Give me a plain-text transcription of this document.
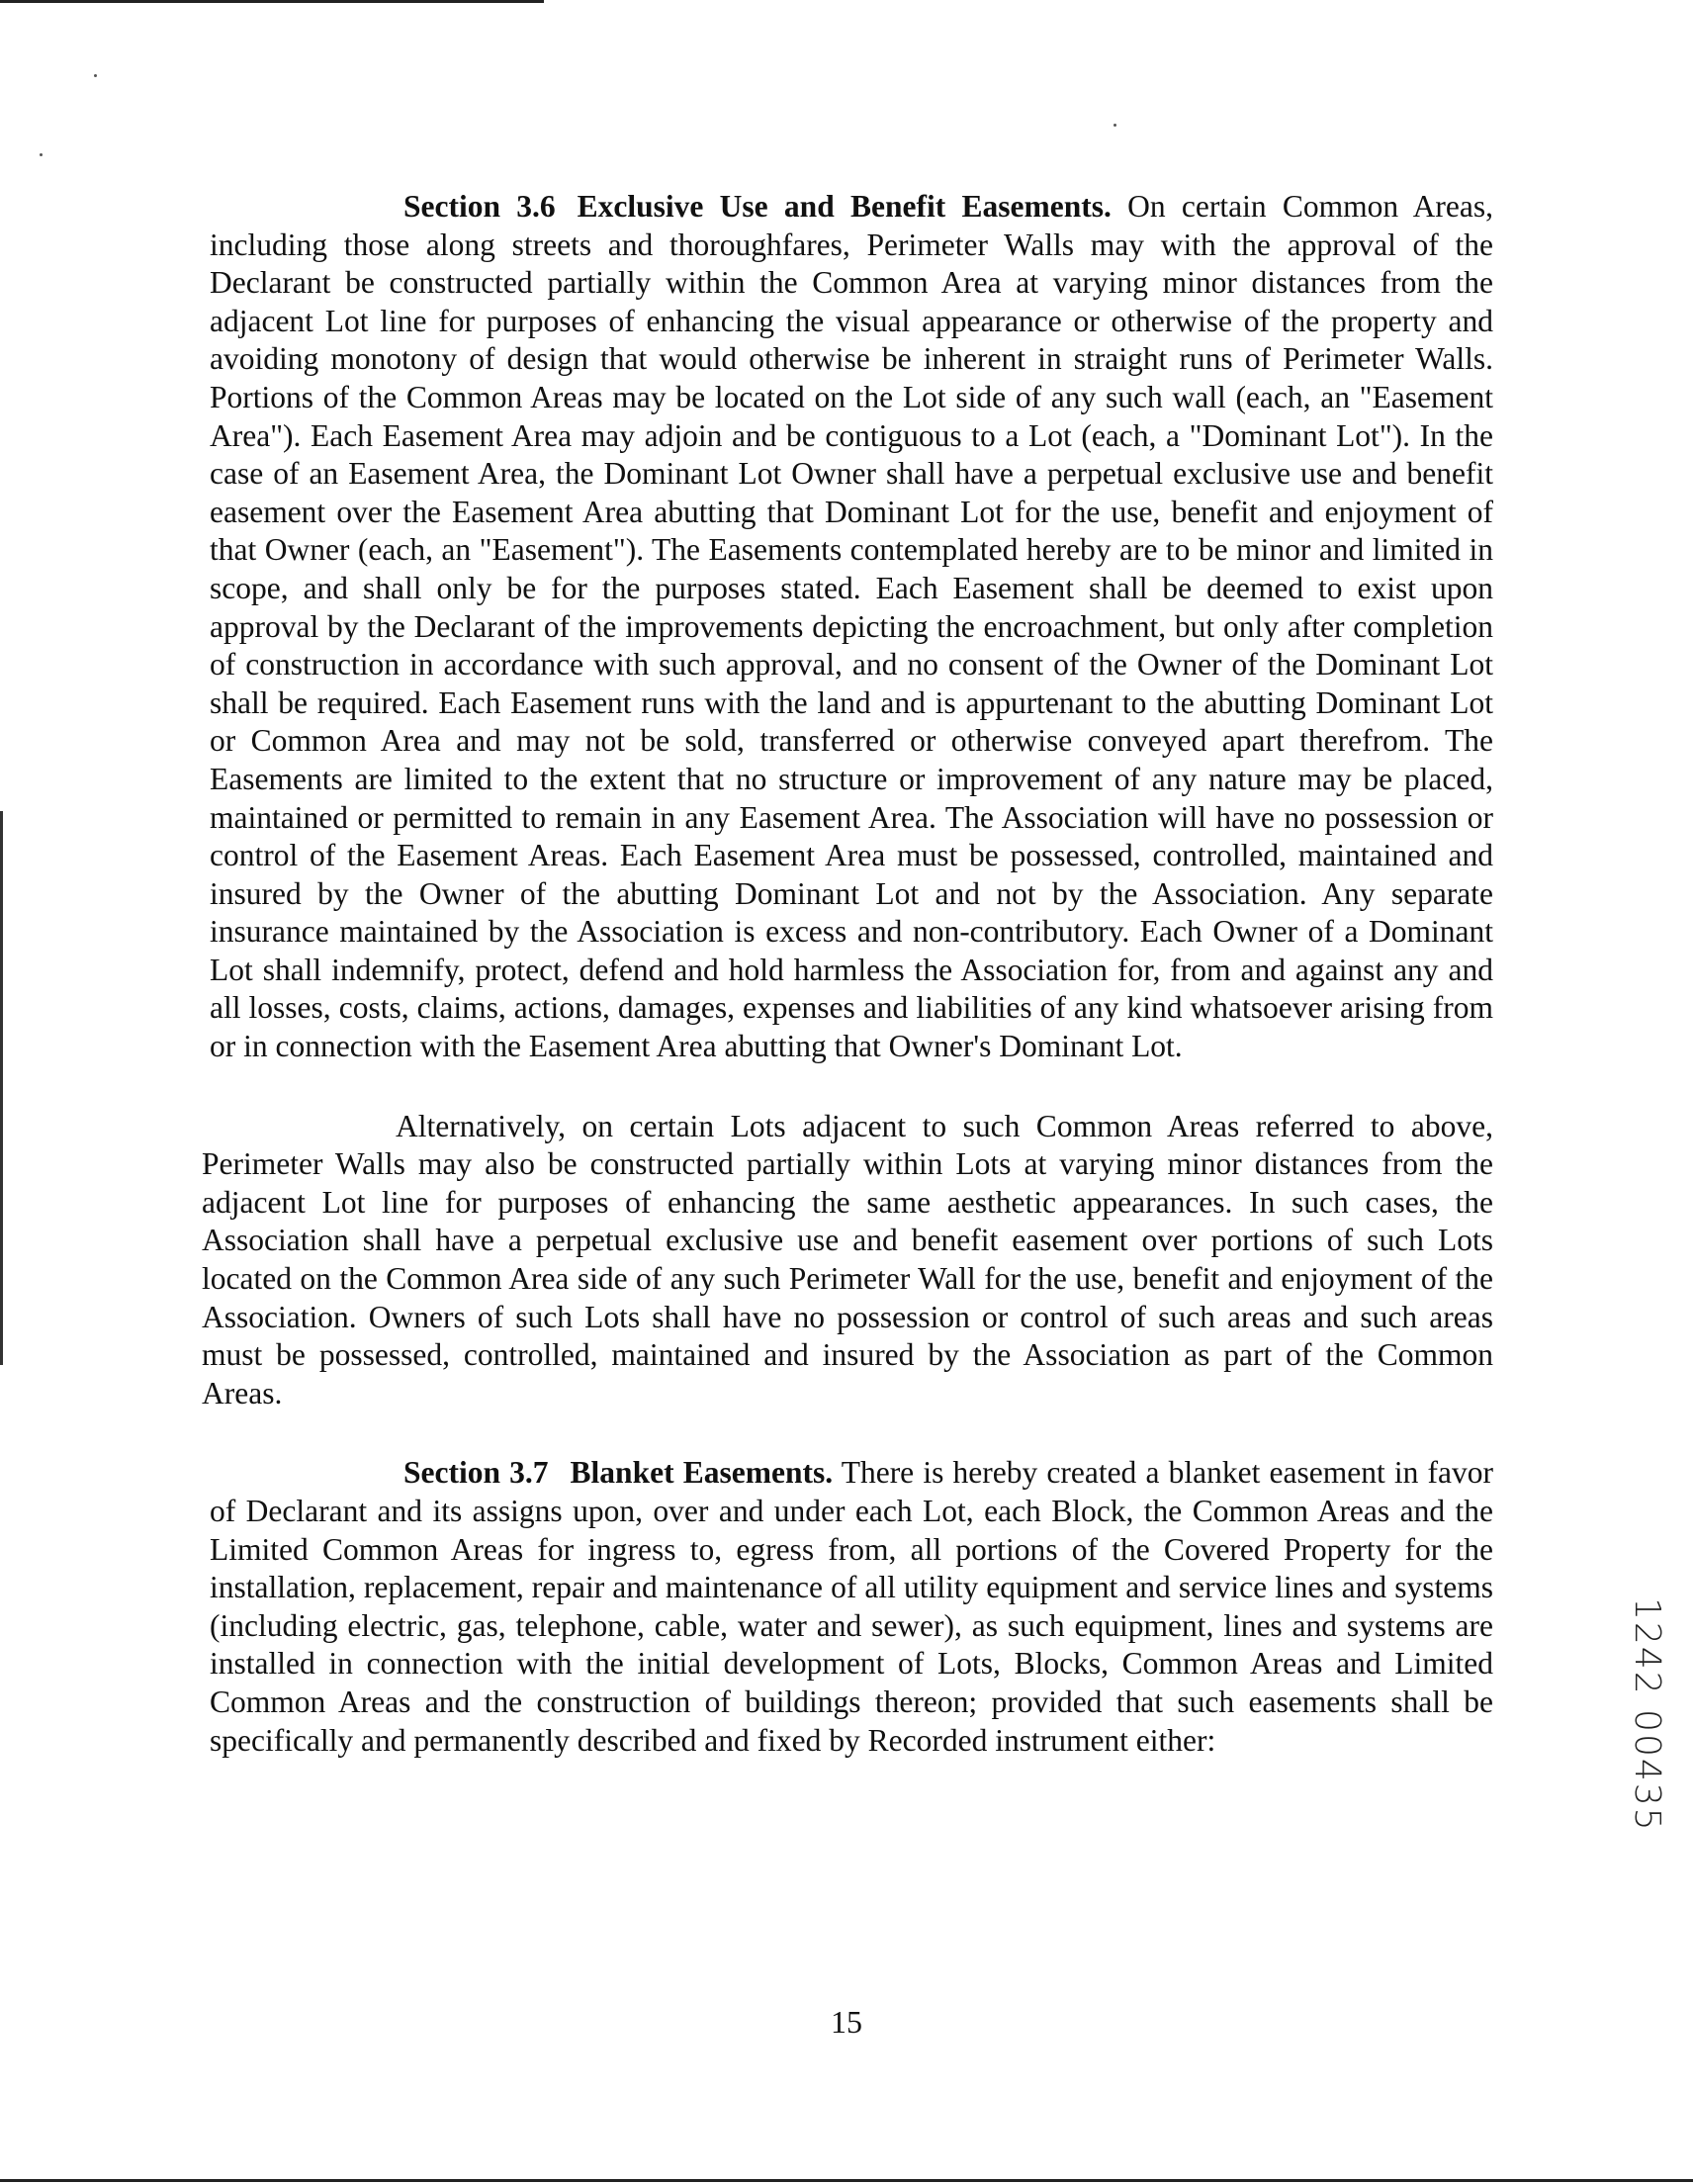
Section 3.6 Exclusive Use and Benefit Easements. On certain Common Areas, including those along streets and thoroughfares, Perimeter Walls may with the approval of the Declarant be constructed partially within the Common Area at varying minor distances from the adjacent Lot line for purposes of enhancing the visual appearance or otherwise of the property and avoiding monotony of design that would otherwise be inherent in straight runs of Perimeter Walls. Portions of the Common Areas may be located on the Lot side of any such wall (each, an "Easement Area"). Each Easement Area may adjoin and be contiguous to a Lot (each, a "Dominant Lot"). In the case of an Easement Area, the Dominant Lot Owner shall have a perpetual exclusive use and benefit easement over the Easement Area abutting that Dominant Lot for the use, benefit and enjoyment of that Owner (each, an "Easement"). The Easements contemplated hereby are to be minor and limited in scope, and shall only be for the purposes stated. Each Easement shall be deemed to exist upon approval by the Declarant of the improvements depicting the encroachment, but only after completion of construction in accordance with such approval, and no consent of the Owner of the Dominant Lot shall be required. Each Easement runs with the land and is appurtenant to the abutting Dominant Lot or Common Area and may not be sold, transferred or otherwise conveyed apart therefrom. The Easements are limited to the extent that no structure or improvement of any nature may be placed, maintained or permitted to remain in any Easement Area. The Association will have no possession or control of the Easement Areas. Each Easement Area must be possessed, controlled, maintained and insured by the Owner of the abutting Dominant Lot and not by the Association. Any separate insurance maintained by the Association is excess and non-contributory. Each Owner of a Dominant Lot shall indemnify, protect, defend and hold harmless the Association for, from and against any and all losses, costs, claims, actions, damages, expenses and liabilities of any kind whatsoever arising from or in connection with the Easement Area abutting that Owner's Dominant Lot.

Alternatively, on certain Lots adjacent to such Common Areas referred to above, Perimeter Walls may also be constructed partially within Lots at varying minor distances from the adjacent Lot line for purposes of enhancing the same aesthetic appearances. In such cases, the Association shall have a perpetual exclusive use and benefit easement over portions of such Lots located on the Common Area side of any such Perimeter Wall for the use, benefit and enjoyment of the Association. Owners of such Lots shall have no possession or control of such areas and such areas must be possessed, controlled, maintained and insured by the Association as part of the Common Areas.

Section 3.7 Blanket Easements. There is hereby created a blanket easement in favor of Declarant and its assigns upon, over and under each Lot, each Block, the Common Areas and the Limited Common Areas for ingress to, egress from, all portions of the Covered Property for the installation, replacement, repair and maintenance of all utility equipment and service lines and systems (including electric, gas, telephone, cable, water and sewer), as such equipment, lines and systems are installed in connection with the initial development of Lots, Blocks, Common Areas and Limited Common Areas and the construction of buildings thereon; provided that such easements shall be specifically and permanently described and fixed by Recorded instrument either:

15
1242 00435
